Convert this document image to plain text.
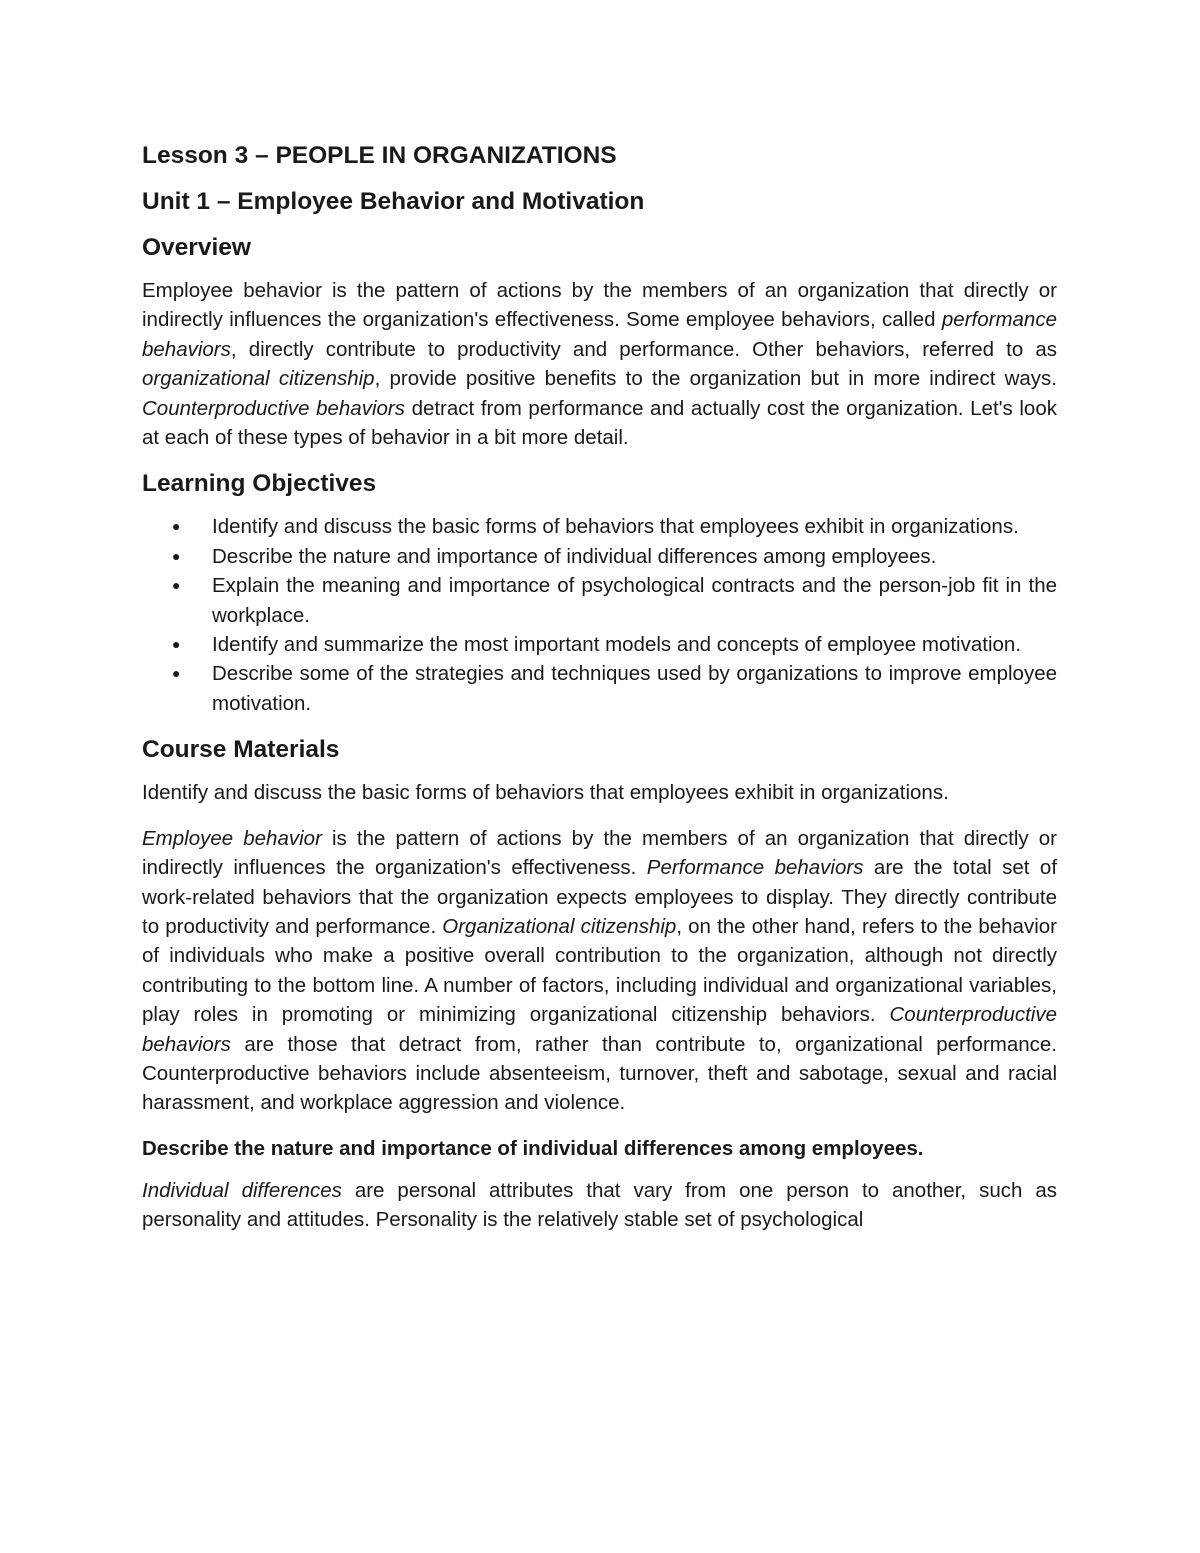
Lesson 3 – PEOPLE IN ORGANIZATIONS
Unit 1 – Employee Behavior and Motivation
Overview

Employee behavior is the pattern of actions by the members of an organization that directly or indirectly influences the organization's effectiveness. Some employee behaviors, called performance behaviors, directly contribute to productivity and performance. Other behaviors, referred to as organizational citizenship, provide positive benefits to the organization but in more indirect ways. Counterproductive behaviors detract from performance and actually cost the organization. Let's look at each of these types of behavior in a bit more detail.

Learning Objectives
● Identify and discuss the basic forms of behaviors that employees exhibit in organizations.
● Describe the nature and importance of individual differences among employees.
● Explain the meaning and importance of psychological contracts and the person-job fit in the workplace.
● Identify and summarize the most important models and concepts of employee motivation.
● Describe some of the strategies and techniques used by organizations to improve employee motivation.
Course Materials

Identify and discuss the basic forms of behaviors that employees exhibit in organizations.

Employee behavior is the pattern of actions by the members of an organization that directly or indirectly influences the organization's effectiveness. Performance behaviors are the total set of work-related behaviors that the organization expects employees to display. They directly contribute to productivity and performance. Organizational citizenship, on the other hand, refers to the behavior of individuals who make a positive overall contribution to the organization, although not directly contributing to the bottom line. A number of factors, including individual and organizational variables, play roles in promoting or minimizing organizational citizenship behaviors. Counterproductive behaviors are those that detract from, rather than contribute to, organizational performance. Counterproductive behaviors include absenteeism, turnover, theft and sabotage, sexual and racial harassment, and workplace aggression and violence.

Describe the nature and importance of individual differences among employees.

Individual differences are personal attributes that vary from one person to another, such as personality and attitudes. Personality is the relatively stable set of psychological
